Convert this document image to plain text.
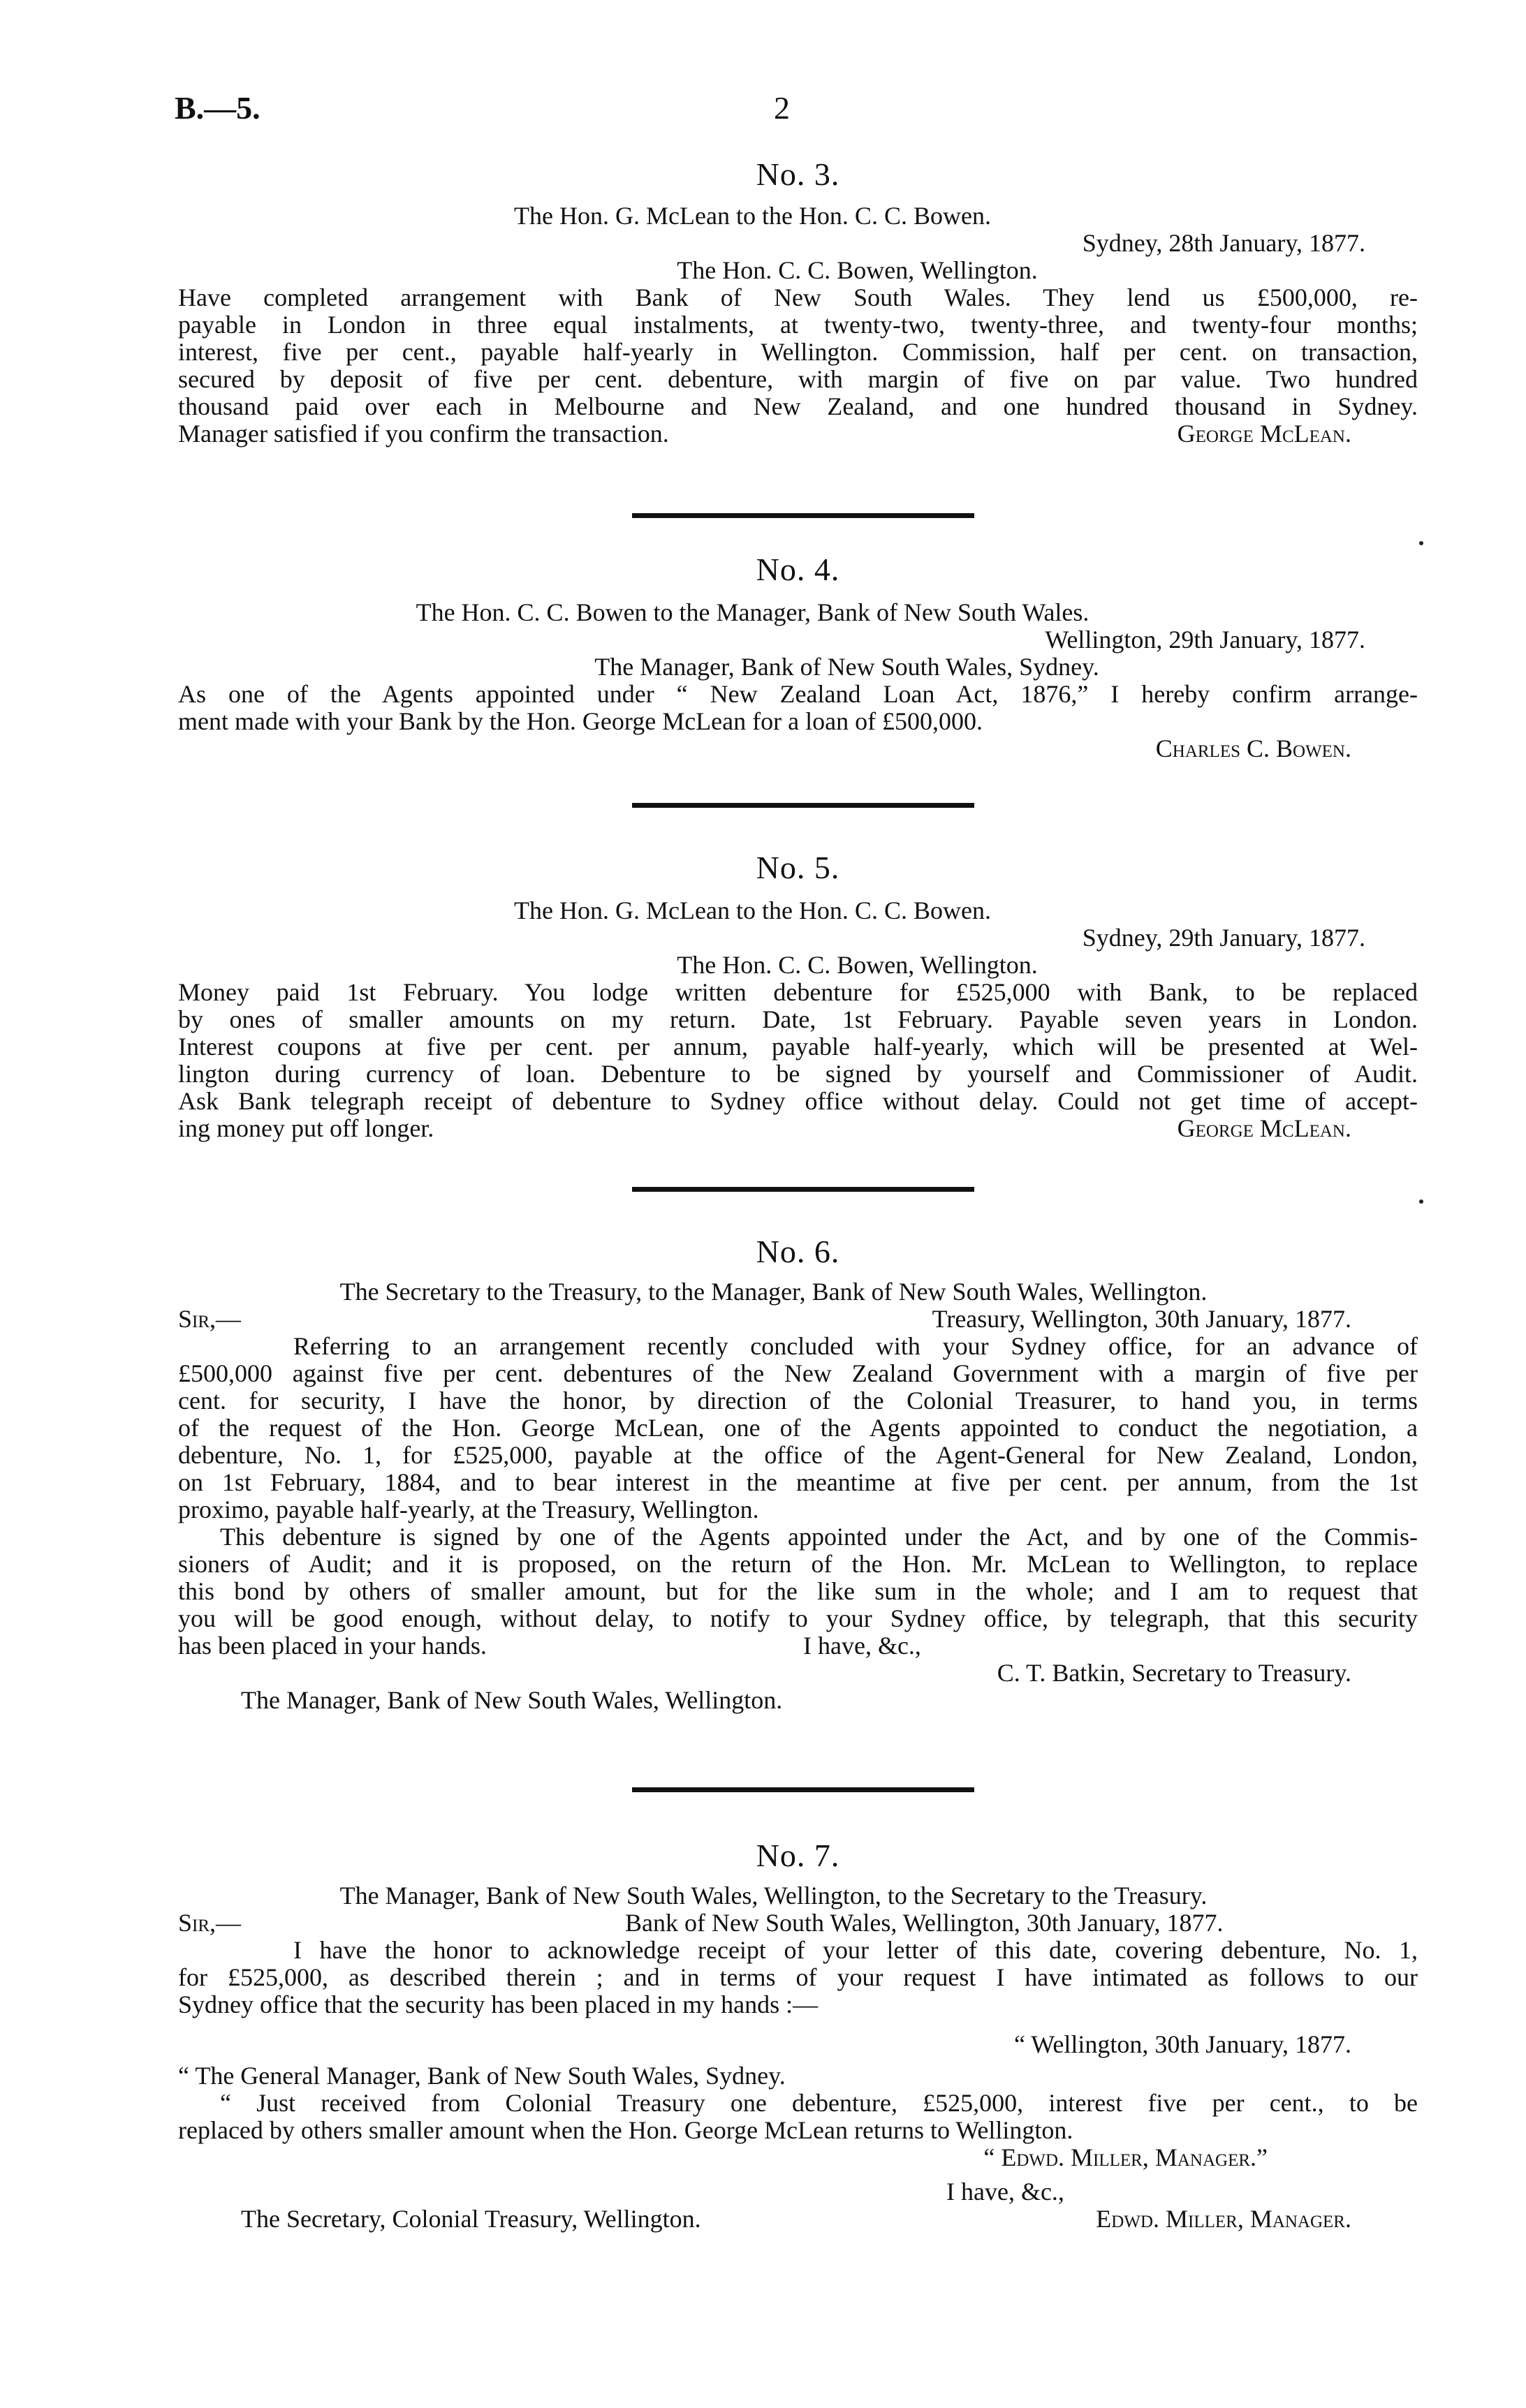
B.—5.	2

No. 3.

The Hon. G. McLean to the Hon. C. C. Bowen.

Sydney, 28th January, 1877.

The Hon. C. C. Bowen, Wellington.

Have completed arrangement with Bank of New South Wales. They lend us £500,000, re-

payable in London in three equal instalments, at twenty-two, twenty-three, and twenty-four months;

interest, five per cent., payable half-yearly in Wellington. Commission, half per cent. on transaction,

secured by deposit of five per cent. debenture, with margin of five on par value. Two hundred

thousand paid over each in Melbourne and New Zealand, and one hundred thousand in Sydney.

Manager satisfied if you confirm the transaction.	George McLean.

No. 4.

The Hon. C. C. Bowen to the Manager, Bank of New South Wales.

Wellington, 29th January, 1877.

The Manager, Bank of New South Wales, Sydney.

As one of the Agents appointed under “ New Zealand Loan Act, 1876,” I hereby confirm arrange-

ment made with your Bank by the Hon. George McLean for a loan of £500,000.

Charles C. Bowen.

No. 5.

The Hon. G. McLean to the Hon. C. C. Bowen.

Sydney, 29th January, 1877.

The Hon. C. C. Bowen, Wellington.

Money paid 1st February. You lodge written debenture for £525,000 with Bank, to be replaced

by ones of smaller amounts on my return. Date, 1st February. Payable seven years in London.

Interest coupons at five per cent. per annum, payable half-yearly, which will be presented at Wel-

lington during currency of loan. Debenture to be signed by yourself and Commissioner of Audit.

Ask Bank telegraph receipt of debenture to Sydney office without delay. Could not get time of accept-

ing money put off longer.	George McLean.

No. 6.

The Secretary to the Treasury, to the Manager, Bank of New South Wales, Wellington.

Sir,—	Treasury, Wellington, 30th January, 1877.

Referring to an arrangement recently concluded with your Sydney office, for an advance of

£500,000 against five per cent. debentures of the New Zealand Government with a margin of five per

cent. for security, I have the honor, by direction of the Colonial Treasurer, to hand you, in terms

of the request of the Hon. George McLean, one of the Agents appointed to conduct the negotiation, a

debenture, No. 1, for £525,000, payable at the office of the Agent-General for New Zealand, London,

on 1st February, 1884, and to bear interest in the meantime at five per cent. per annum, from the 1st

proximo, payable half-yearly, at the Treasury, Wellington.

This debenture is signed by one of the Agents appointed under the Act, and by one of the Commis-

sioners of Audit; and it is proposed, on the return of the Hon. Mr. McLean to Wellington, to replace

this bond by others of smaller amount, but for the like sum in the whole; and I am to request that

you will be good enough, without delay, to notify to your Sydney office, by telegraph, that this security

has been placed in your hands.	I have, &c.,

C. T. Batkin, Secretary to Treasury.

The Manager, Bank of New South Wales, Wellington.

No. 7.

The Manager, Bank of New South Wales, Wellington, to the Secretary to the Treasury.

Sir,—	Bank of New South Wales, Wellington, 30th January, 1877.

I have the honor to acknowledge receipt of your letter of this date, covering debenture, No. 1,

for £525,000, as described therein ; and in terms of your request I have intimated as follows to our

Sydney office that the security has been placed in my hands :—

“ Wellington, 30th January, 1877.

“ The General Manager, Bank of New South Wales, Sydney.

“ Just received from Colonial Treasury one debenture, £525,000, interest five per cent., to be

replaced by others smaller amount when the Hon. George McLean returns to Wellington.

“ Edwd. Miller, Manager.”

I have, &c.,

The Secretary, Colonial Treasury, Wellington.	Edwd. Miller, Manager.
